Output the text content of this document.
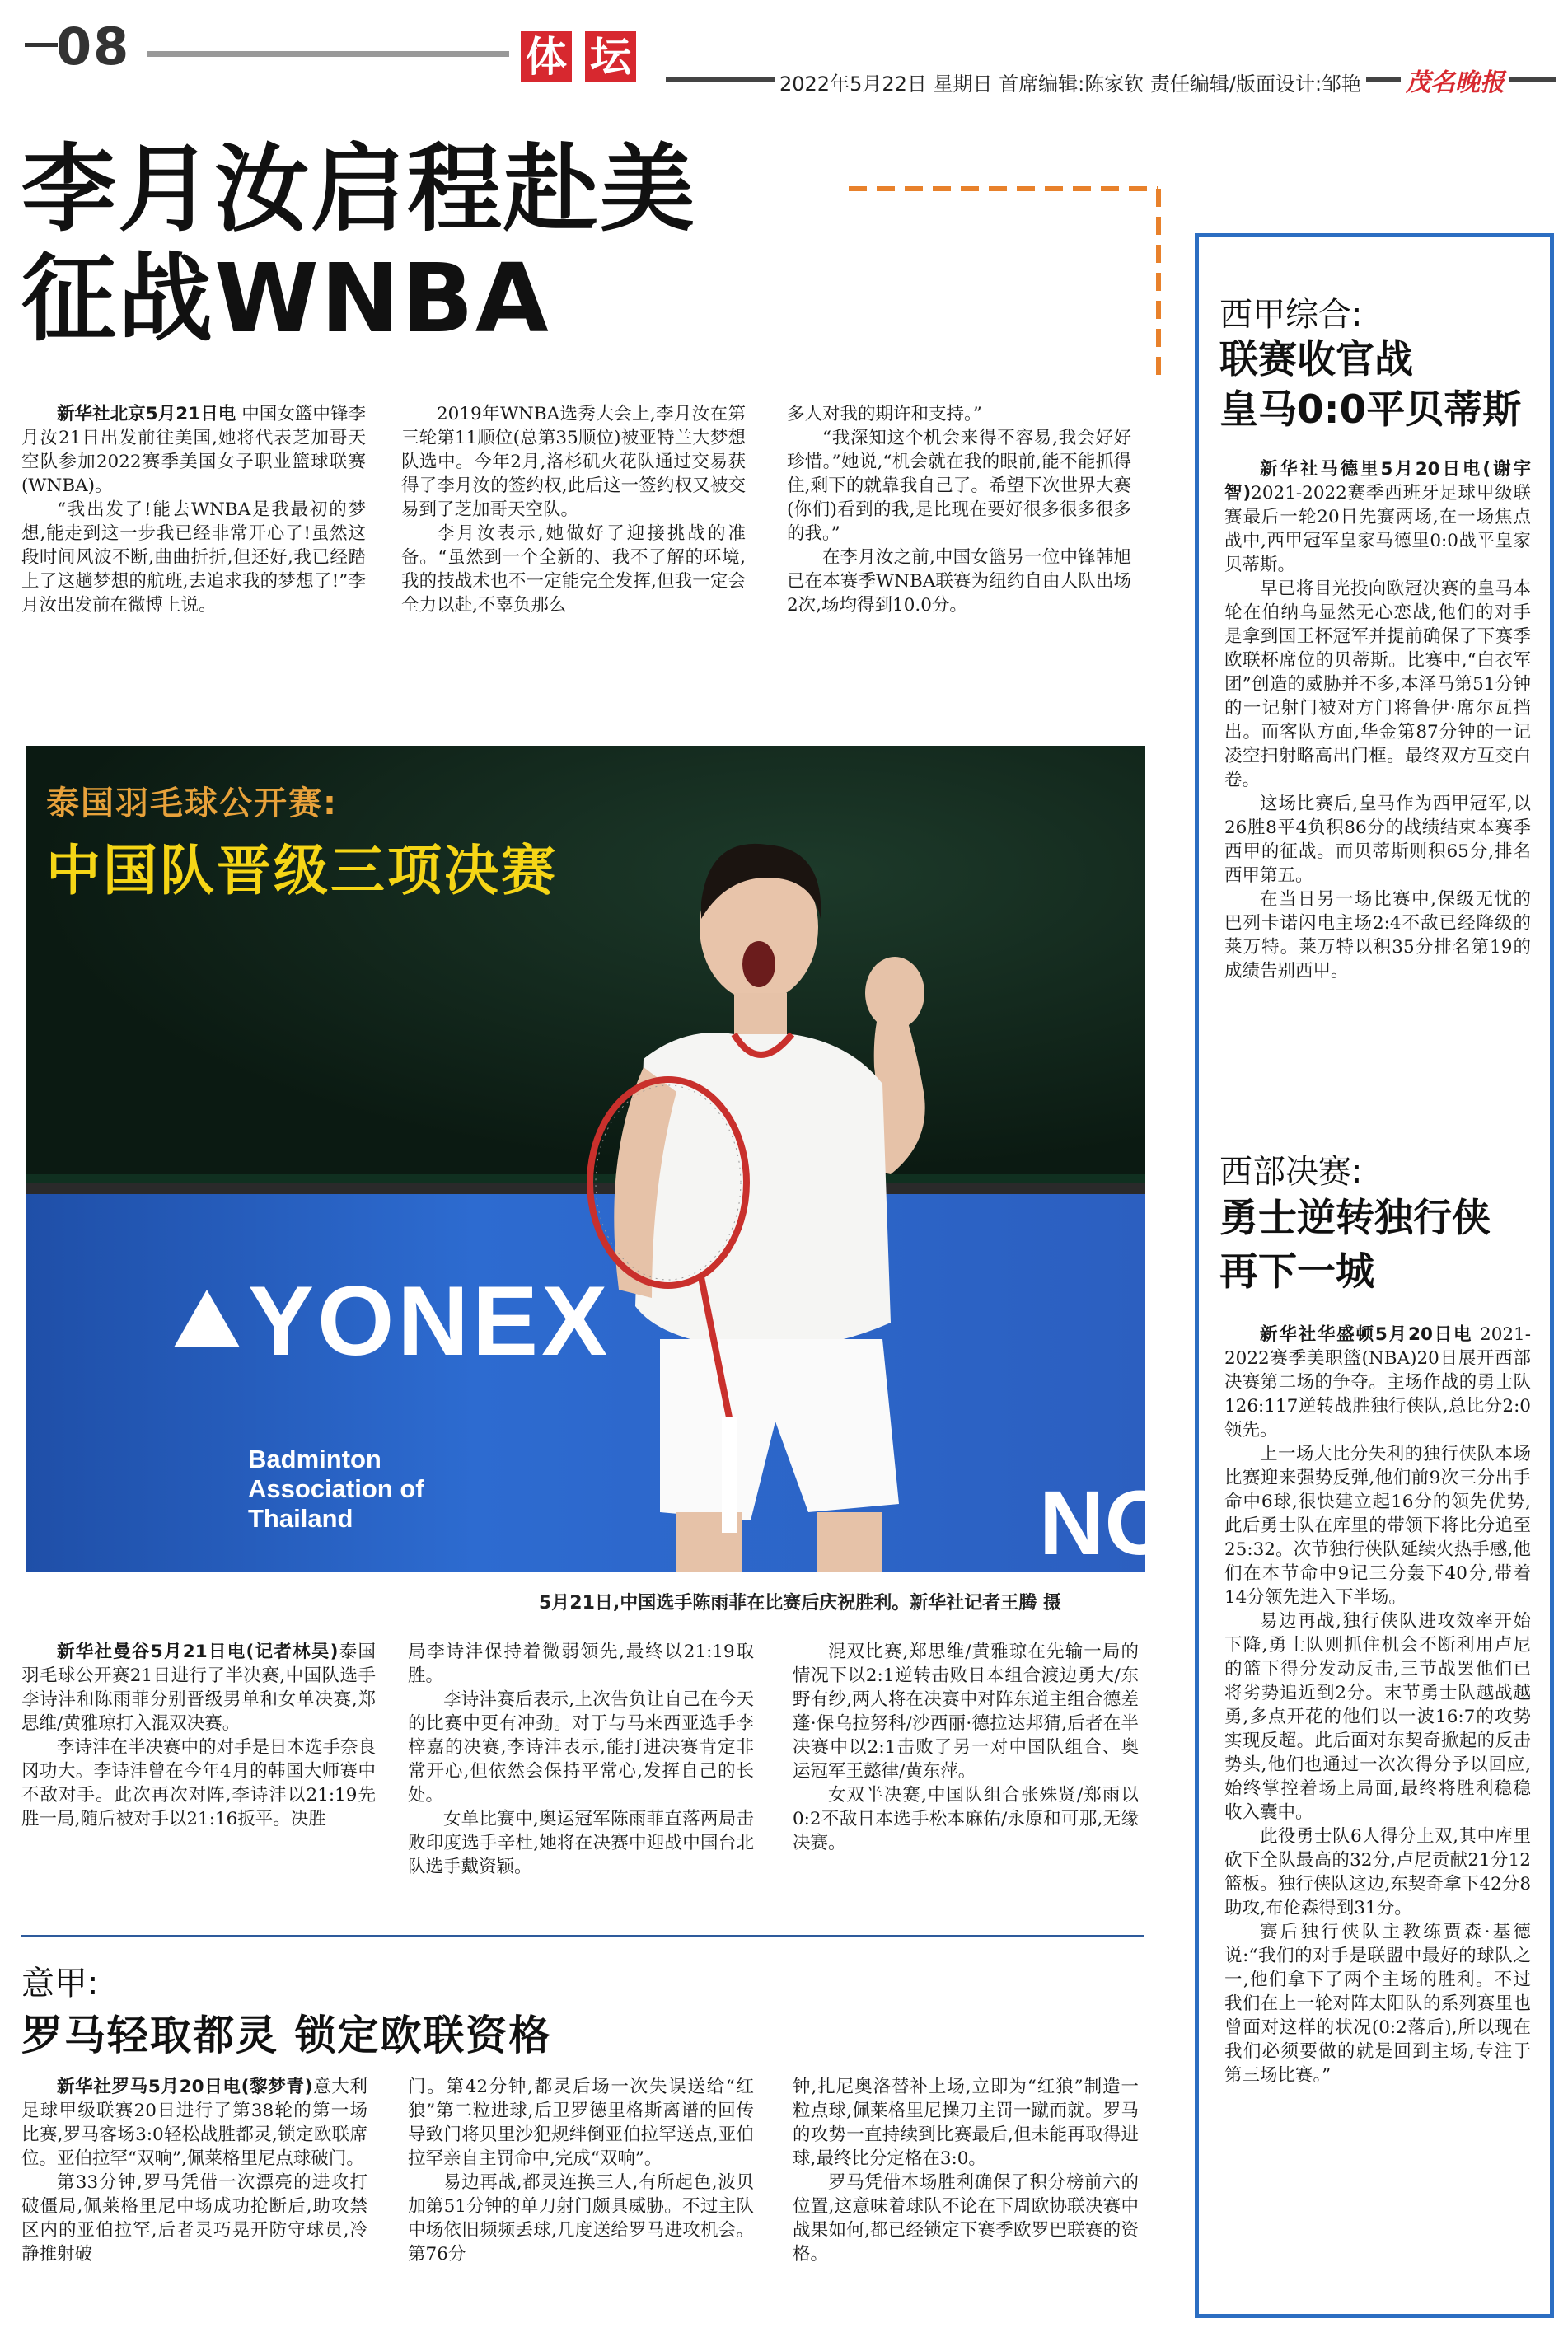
08	体 坛
2022年5月22日 星期日 首席编辑:陈家钦 责任编辑/版面设计:邹艳 茂名晚报
李月汝启程赴美
征战WNBA

新华社北京5月21日电 中国女篮中锋李月汝21日出发前往美国,她将代表芝加哥天空队参加2022赛季美国女子职业篮球联赛(WNBA)。

“我出发了!能去WNBA是我最初的梦想,能走到这一步我已经非常开心了!虽然这段时间风波不断,曲曲折折,但还好,我已经踏上了这趟梦想的航班,去追求我的梦想了!”李月汝出发前在微博上说。

2019年WNBA选秀大会上,李月汝在第三轮第11顺位(总第35顺位)被亚特兰大梦想队选中。今年2月,洛杉矶火花队通过交易获得了李月汝的签约权,此后这一签约权又被交易到了芝加哥天空队。

李月汝表示,她做好了迎接挑战的准备。“虽然到一个全新的、我不了解的环境,我的技战术也不一定能完全发挥,但我一定会全力以赴,不辜负那么

多人对我的期许和支持。”

“我深知这个机会来得不容易,我会好好珍惜。”她说,“机会就在我的眼前,能不能抓得住,剩下的就靠我自己了。希望下次世界大赛(你们)看到的我,是比现在要好很多很多很多的我。”

在李月汝之前,中国女篮另一位中锋韩旭已在本赛季WNBA联赛为纽约自由人队出场2次,场均得到10.0分。

YONEX
Badminton
Association of
Thailand	NO
泰国羽毛球公开赛:
中国队晋级三项决赛
5月21日,中国选手陈雨菲在比赛后庆祝胜利。新华社记者王腾 摄

新华社曼谷5月21日电(记者林昊)泰国羽毛球公开赛21日进行了半决赛,中国队选手李诗沣和陈雨菲分别晋级男单和女单决赛,郑思维/黄雅琼打入混双决赛。

李诗沣在半决赛中的对手是日本选手奈良冈功大。李诗沣曾在今年4月的韩国大师赛中不敌对手。此次再次对阵,李诗沣以21:19先胜一局,随后被对手以21:16扳平。决胜

局李诗沣保持着微弱领先,最终以21:19取胜。

李诗沣赛后表示,上次告负让自己在今天的比赛中更有冲劲。对于与马来西亚选手李梓嘉的决赛,李诗沣表示,能打进决赛肯定非常开心,但依然会保持平常心,发挥自己的长处。

女单比赛中,奥运冠军陈雨菲直落两局击败印度选手辛杜,她将在决赛中迎战中国台北队选手戴资颖。

混双比赛,郑思维/黄雅琼在先输一局的情况下以2:1逆转击败日本组合渡边勇大/东野有纱,两人将在决赛中对阵东道主组合德差蓬·保乌拉努科/沙西丽·德拉达邦猜,后者在半决赛中以2:1击败了另一对中国队组合、奥运冠军王懿律/黄东萍。

女双半决赛,中国队组合张殊贤/郑雨以0:2不敌日本选手松本麻佑/永原和可那,无缘决赛。

意甲:
罗马轻取都灵 锁定欧联资格

新华社罗马5月20日电(黎梦青)意大利足球甲级联赛20日进行了第38轮的第一场比赛,罗马客场3:0轻松战胜都灵,锁定欧联席位。亚伯拉罕“双响”,佩莱格里尼点球破门。

第33分钟,罗马凭借一次漂亮的进攻打破僵局,佩莱格里尼中场成功抢断后,助攻禁区内的亚伯拉罕,后者灵巧晃开防守球员,冷静推射破

门。第42分钟,都灵后场一次失误送给“红狼”第二粒进球,后卫罗德里格斯离谱的回传导致门将贝里沙犯规绊倒亚伯拉罕送点,亚伯拉罕亲自主罚命中,完成“双响”。

易边再战,都灵连换三人,有所起色,波贝加第51分钟的单刀射门颇具威胁。不过主队中场依旧频频丢球,几度送给罗马进攻机会。第76分

钟,扎尼奥洛替补上场,立即为“红狼”制造一粒点球,佩莱格里尼操刀主罚一蹴而就。罗马的攻势一直持续到比赛最后,但未能再取得进球,最终比分定格在3:0。

罗马凭借本场胜利确保了积分榜前六的位置,这意味着球队不论在下周欧协联决赛中战果如何,都已经锁定下赛季欧罗巴联赛的资格。

西甲综合:
联赛收官战
皇马0:0平贝蒂斯

新华社马德里5月20日电(谢宇智)2021-2022赛季西班牙足球甲级联赛最后一轮20日先赛两场,在一场焦点战中,西甲冠军皇家马德里0:0战平皇家贝蒂斯。

早已将目光投向欧冠决赛的皇马本轮在伯纳乌显然无心恋战,他们的对手是拿到国王杯冠军并提前确保了下赛季欧联杯席位的贝蒂斯。比赛中,“白衣军团”创造的威胁并不多,本泽马第51分钟的一记射门被对方门将鲁伊·席尔瓦挡出。而客队方面,华金第87分钟的一记凌空扫射略高出门框。最终双方互交白卷。

这场比赛后,皇马作为西甲冠军,以26胜8平4负积86分的战绩结束本赛季西甲的征战。而贝蒂斯则积65分,排名西甲第五。

在当日另一场比赛中,保级无忧的巴列卡诺闪电主场2:4不敌已经降级的莱万特。莱万特以积35分排名第19的成绩告别西甲。

西部决赛:
勇士逆转独行侠
再下一城

新华社华盛顿5月20日电 2021-2022赛季美职篮(NBA)20日展开西部决赛第二场的争夺。主场作战的勇士队126:117逆转战胜独行侠队,总比分2:0领先。

上一场大比分失利的独行侠队本场比赛迎来强势反弹,他们前9次三分出手命中6球,很快建立起16分的领先优势,此后勇士队在库里的带领下将比分追至25:32。次节独行侠队延续火热手感,他们在本节命中9记三分轰下40分,带着14分领先进入下半场。

易边再战,独行侠队进攻效率开始下降,勇士队则抓住机会不断利用卢尼的篮下得分发动反击,三节战罢他们已将劣势追近到2分。末节勇士队越战越勇,多点开花的他们以一波16:7的攻势实现反超。此后面对东契奇掀起的反击势头,他们也通过一次次得分予以回应,始终掌控着场上局面,最终将胜利稳稳收入囊中。

此役勇士队6人得分上双,其中库里砍下全队最高的32分,卢尼贡献21分12篮板。独行侠队这边,东契奇拿下42分8助攻,布伦森得到31分。

赛后独行侠队主教练贾森·基德说:“我们的对手是联盟中最好的球队之一,他们拿下了两个主场的胜利。不过我们在上一轮对阵太阳队的系列赛里也曾面对这样的状况(0:2落后),所以现在我们必须要做的就是回到主场,专注于第三场比赛。”
